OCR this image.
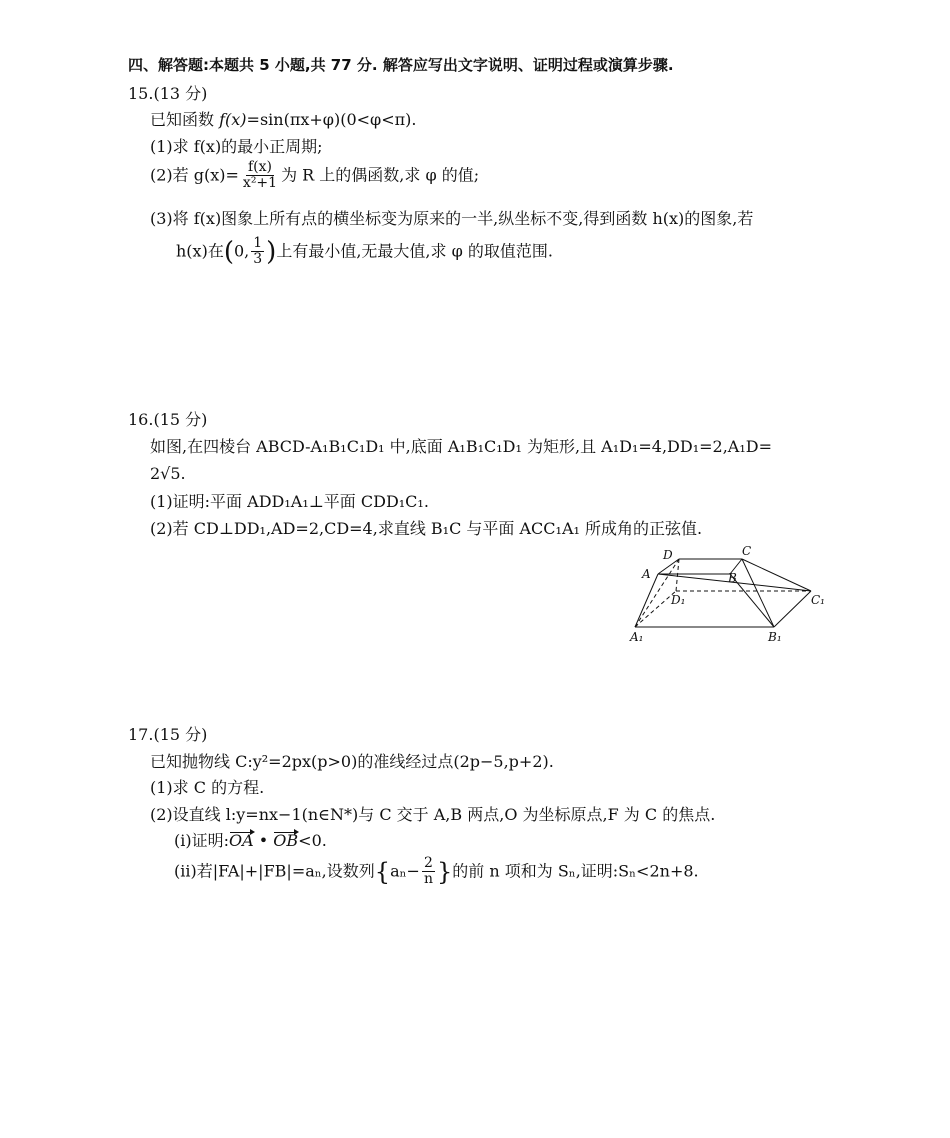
四、解答题:本题共 5 小题,共 77 分. 解答应写出文字说明、证明过程或演算步骤.
15.(13 分)
已知函数 f(x)=sin(πx+φ)(0<φ<π).
(1)求 f(x)的最小正周期;
(2)若 $g(x)= \frac{f(x)}{\text{x²+1}}$ 为 R 上的偶函数,求 φ 的值;
(3)将 f(x)图象上所有点的横坐标变为原来的一半,纵坐标不变,得到函数 h(x)的图象,若
h(x)在(0, $\frac{1}{3}$ )上有最小值,无最大值,求 φ 的取值范围.
16.(15 分)
如图,在四棱台 ABCD-A₁B₁C₁D₁ 中,底面 A₁B₁C₁D₁ 为矩形,且 A₁D₁=4,DD₁=2,A₁D=
2√5.
(1)证明:平面 ADD₁A₁⊥平面 CDD₁C₁.
(2)若 CD⊥DD₁,AD=2,CD=4,求直线 B₁C 与平面 ACC₁A₁ 所成角的正弦值.
D	C
A	B
D₁	C₁
A₁	B₁
17.(15 分)
已知抛物线 C:y²=2px(p>0)的准线经过点(2p−5,p+2).
(1)求 C 的方程.
(2)设直线 l:y=nx−1(n∈N*)与 C 交于 A,B 两点,O 为坐标原点,F 为 C 的焦点.
(ⅰ)证明:OA • OB<0.
(ⅱ)若|FA|+|FB|=aₙ,设数列{$a_n- \frac{2}{n}$ }的前 n 项和为 Sₙ,证明:Sₙ<2n+8.
